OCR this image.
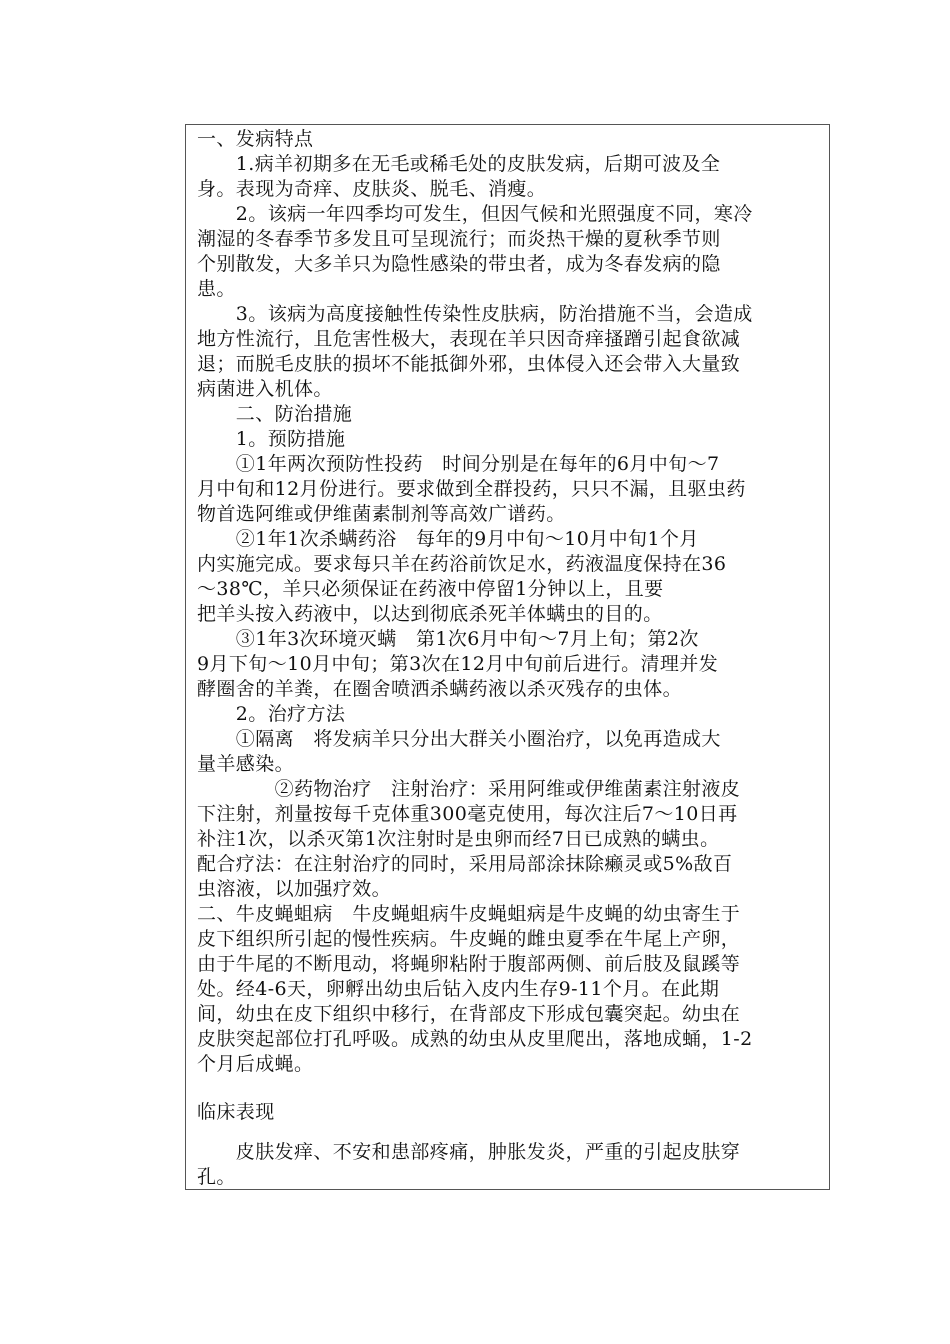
一、发病特点
　　1.病羊初期多在无毛或稀毛处的皮肤发病，后期可波及全
身。表现为奇痒、皮肤炎、脱毛、消瘦。
　　2。该病一年四季均可发生，但因气候和光照强度不同，寒冷
潮湿的冬春季节多发且可呈现流行；而炎热干燥的夏秋季节则
个别散发，大多羊只为隐性感染的带虫者，成为冬春发病的隐
患。
　　3。该病为高度接触性传染性皮肤病，防治措施不当，会造成
地方性流行，且危害性极大，表现在羊只因奇痒搔蹭引起食欲减
退；而脱毛皮肤的损坏不能抵御外邪，虫体侵入还会带入大量致
病菌进入机体。
　　二、防治措施
　　1。预防措施
　　①1年两次预防性投药　时间分别是在每年的6月中旬～7
月中旬和12月份进行。要求做到全群投药，只只不漏，且驱虫药
物首选阿维或伊维菌素制剂等高效广谱药。
　　②1年1次杀螨药浴　每年的9月中旬～10月中旬1个月
内实施完成。要求每只羊在药浴前饮足水，药液温度保持在36
～38℃，羊只必须保证在药液中停留1分钟以上，且要
把羊头按入药液中，以达到彻底杀死羊体螨虫的目的。
　　③1年3次环境灭螨　第1次6月中旬～7月上旬；第2次
9月下旬～10月中旬；第3次在12月中旬前后进行。清理并发
酵圈舍的羊粪，在圈舍喷洒杀螨药液以杀灭残存的虫体。
　　2。治疗方法
　　①隔离　将发病羊只分出大群关小圈治疗，以免再造成大
量羊感染。
　　　　②药物治疗　注射治疗：采用阿维或伊维菌素注射液皮
下注射，剂量按每千克体重300毫克使用，每次注后7～10日再
补注1次，以杀灭第1次注射时是虫卵而经7日已成熟的螨虫。
配合疗法：在注射治疗的同时，采用局部涂抹除癞灵或5%敌百
虫溶液，以加强疗效。
二、牛皮蝇蛆病　牛皮蝇蛆病牛皮蝇蛆病是牛皮蝇的幼虫寄生于
皮下组织所引起的慢性疾病。牛皮蝇的雌虫夏季在牛尾上产卵，
由于牛尾的不断甩动，将蝇卵粘附于腹部两侧、前后肢及鼠蹊等
处。经4-6天，卵孵出幼虫后钻入皮内生存9-11个月。在此期
间，幼虫在皮下组织中移行，在背部皮下形成包囊突起。幼虫在
皮肤突起部位打孔呼吸。成熟的幼虫从皮里爬出，落地成蛹，1-2
个月后成蝇。
临床表现
　　皮肤发痒、不安和患部疼痛，肿胀发炎，严重的引起皮肤穿
孔。
